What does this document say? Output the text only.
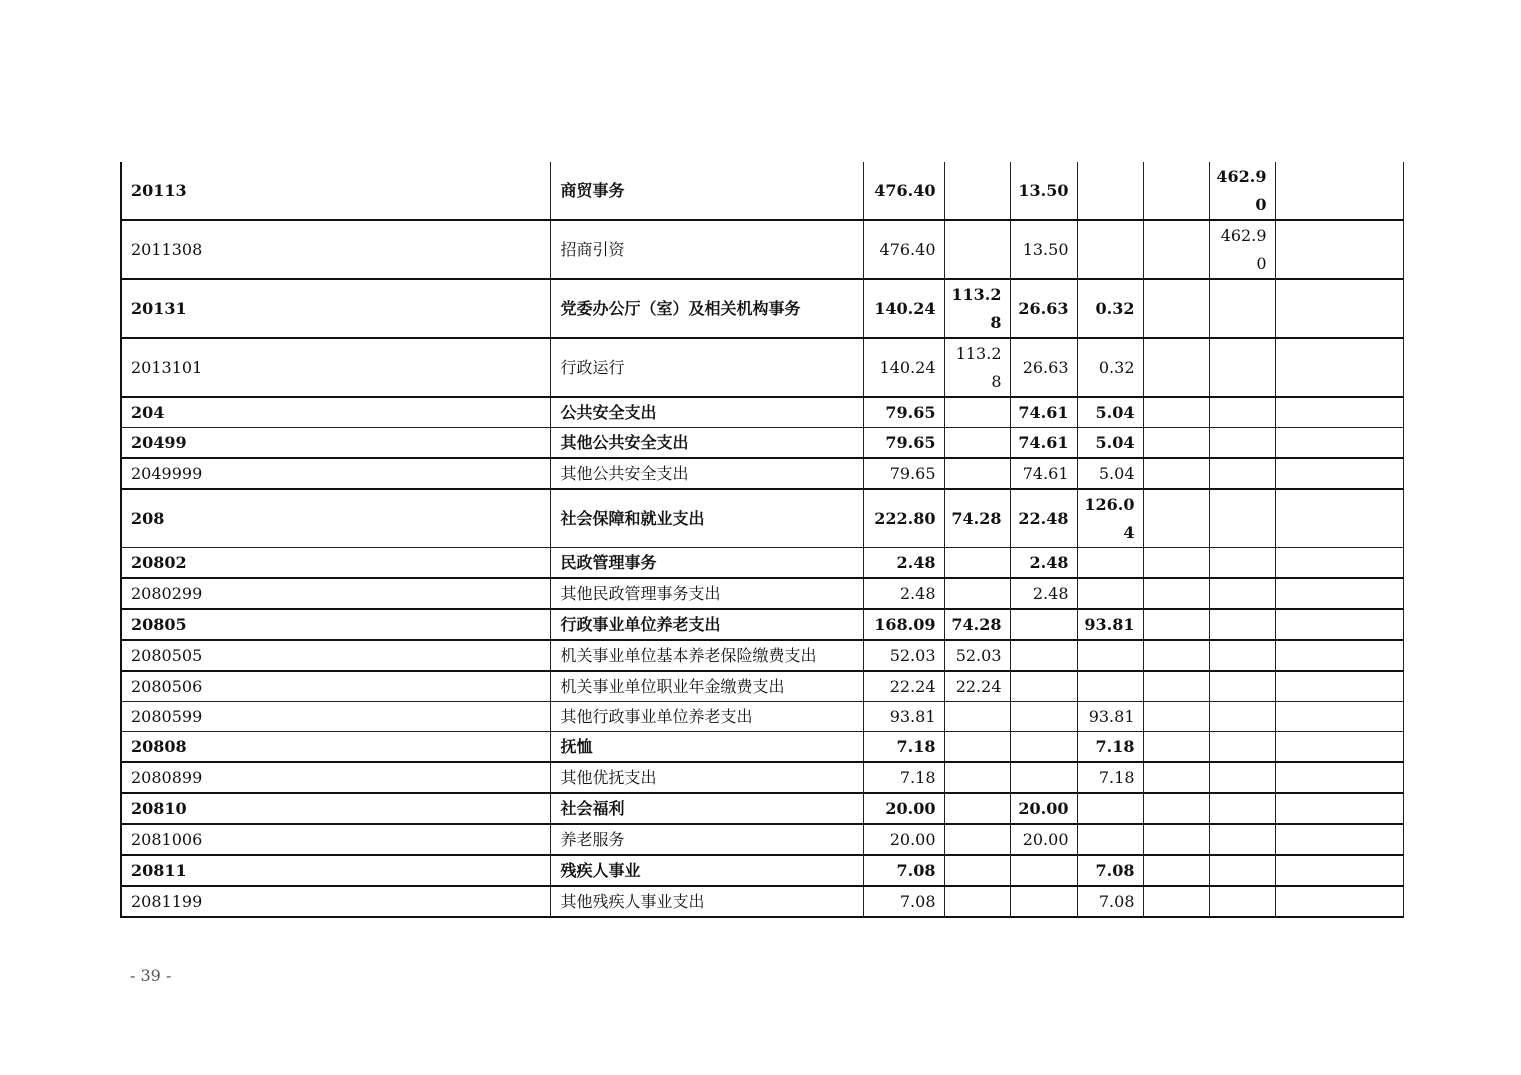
20113	商贸事务	476.40		13.50			462.90	
2011308	招商引资	476.40		13.50			462.90	
20131	党委办公厅（室）及相关机构事务	140.24	113.28	26.63	0.32			
2013101	行政运行	140.24	113.28	26.63	0.32			
204	公共安全支出	79.65		74.61	5.04			
20499	其他公共安全支出	79.65		74.61	5.04			
2049999	其他公共安全支出	79.65		74.61	5.04			
208	社会保障和就业支出	222.80	74.28	22.48	126.04			
20802	民政管理事务	2.48		2.48				
2080299	其他民政管理事务支出	2.48		2.48				
20805	行政事业单位养老支出	168.09	74.28		93.81			
2080505	机关事业单位基本养老保险缴费支出	52.03	52.03					
2080506	机关事业单位职业年金缴费支出	22.24	22.24					
2080599	其他行政事业单位养老支出	93.81			93.81			
20808	抚恤	7.18			7.18			
2080899	其他优抚支出	7.18			7.18			
20810	社会福利	20.00		20.00				
2081006	养老服务	20.00		20.00				
20811	残疾人事业	7.08			7.08			
2081199	其他残疾人事业支出	7.08			7.08			
- 39 -
